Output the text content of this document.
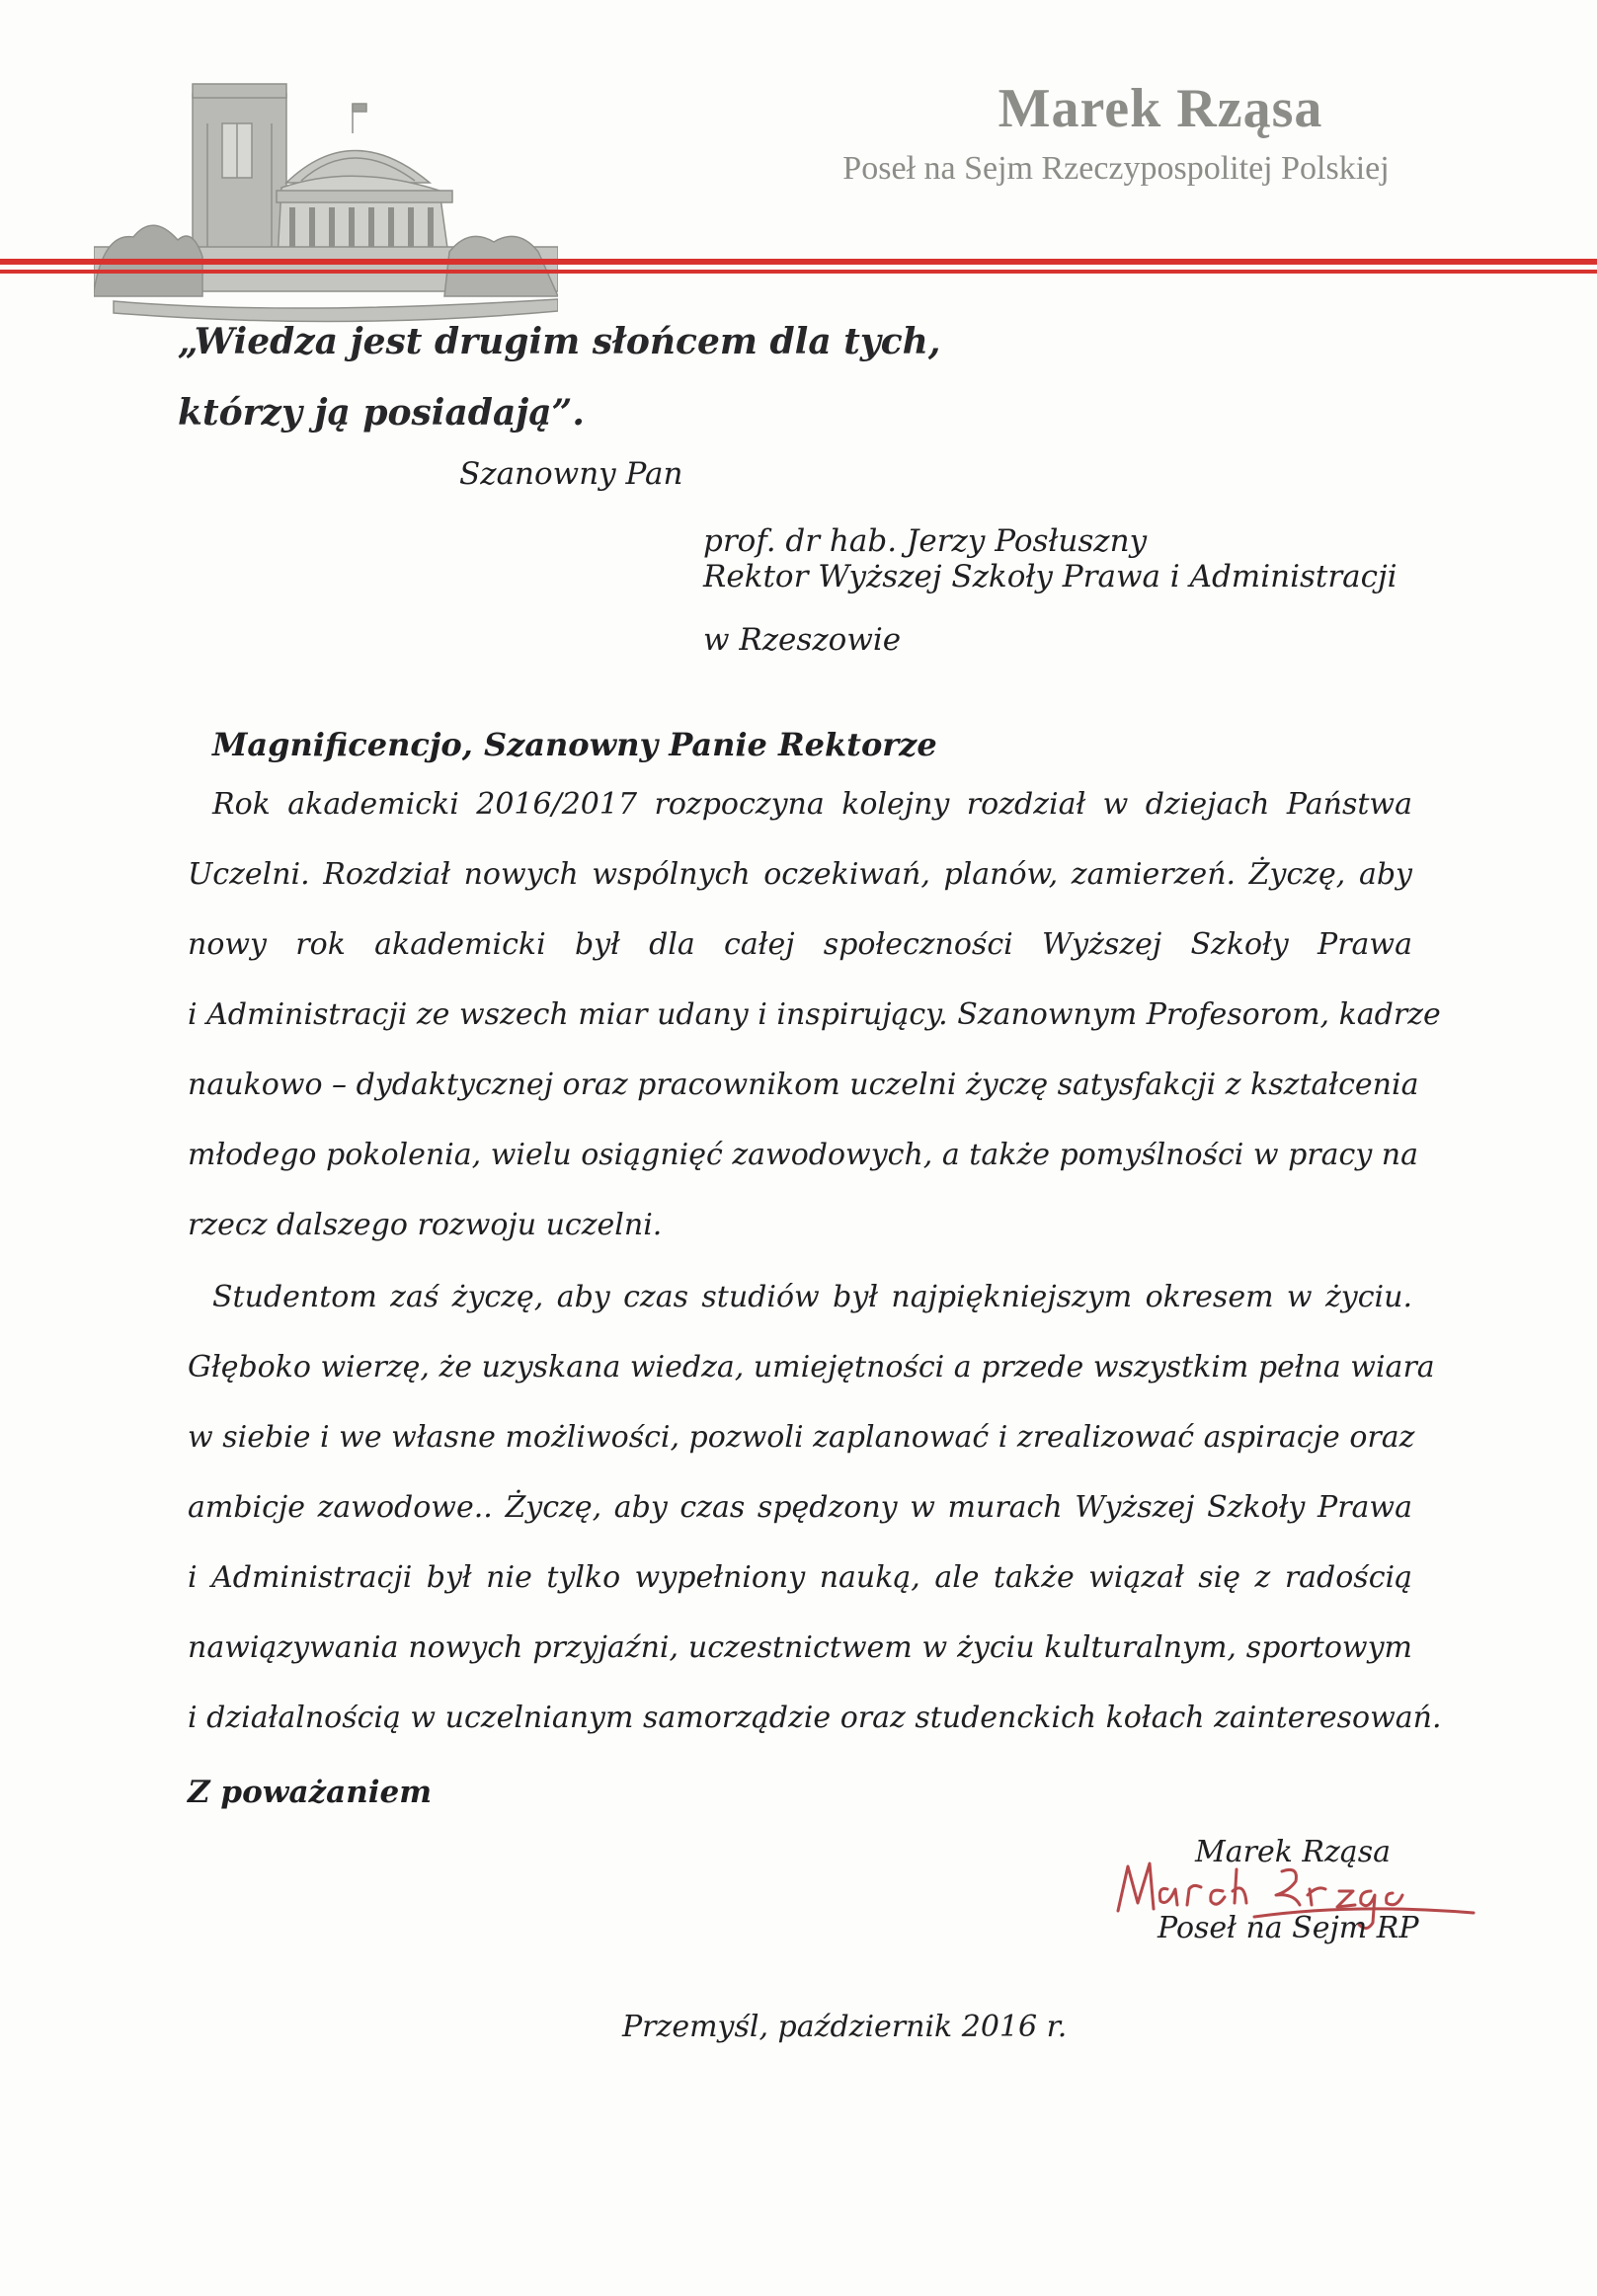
Marek Rząsa
Poseł na Sejm Rzeczypospolitej Polskiej
„Wiedza jest drugim słońcem dla tych,
którzy ją posiadają”.
Szanowny Pan
prof. dr hab. Jerzy Posłuszny
Rektor Wyższej Szkoły Prawa i Administracji
w Rzeszowie
Magnificencjo, Szanowny Panie Rektorze
Rok akademicki 2016/2017 rozpoczyna kolejny rozdział w dziejach Państwa
Uczelni. Rozdział nowych wspólnych oczekiwań, planów, zamierzeń. Życzę, aby
nowy rok akademicki był dla całej społeczności Wyższej Szkoły Prawa
i Administracji ze wszech miar udany i inspirujący. Szanownym Profesorom, kadrze
naukowo – dydaktycznej oraz pracownikom uczelni życzę satysfakcji z kształcenia
młodego pokolenia, wielu osiągnięć zawodowych, a także pomyślności w pracy na
rzecz dalszego rozwoju uczelni.
Studentom zaś życzę, aby czas studiów był najpiękniejszym okresem w życiu.
Głęboko wierzę, że uzyskana wiedza, umiejętności a przede wszystkim pełna wiara
w siebie i we własne możliwości, pozwoli zaplanować i zrealizować aspiracje oraz
ambicje zawodowe.. Życzę, aby czas spędzony w murach Wyższej Szkoły Prawa
i Administracji był nie tylko wypełniony nauką, ale także wiązał się z radością
nawiązywania nowych przyjaźni, uczestnictwem w życiu kulturalnym, sportowym
i działalnością w uczelnianym samorządzie oraz studenckich kołach zainteresowań.
Z poważaniem
Marek Rząsa
Poseł na Sejm RP
Przemyśl, październik 2016 r.
